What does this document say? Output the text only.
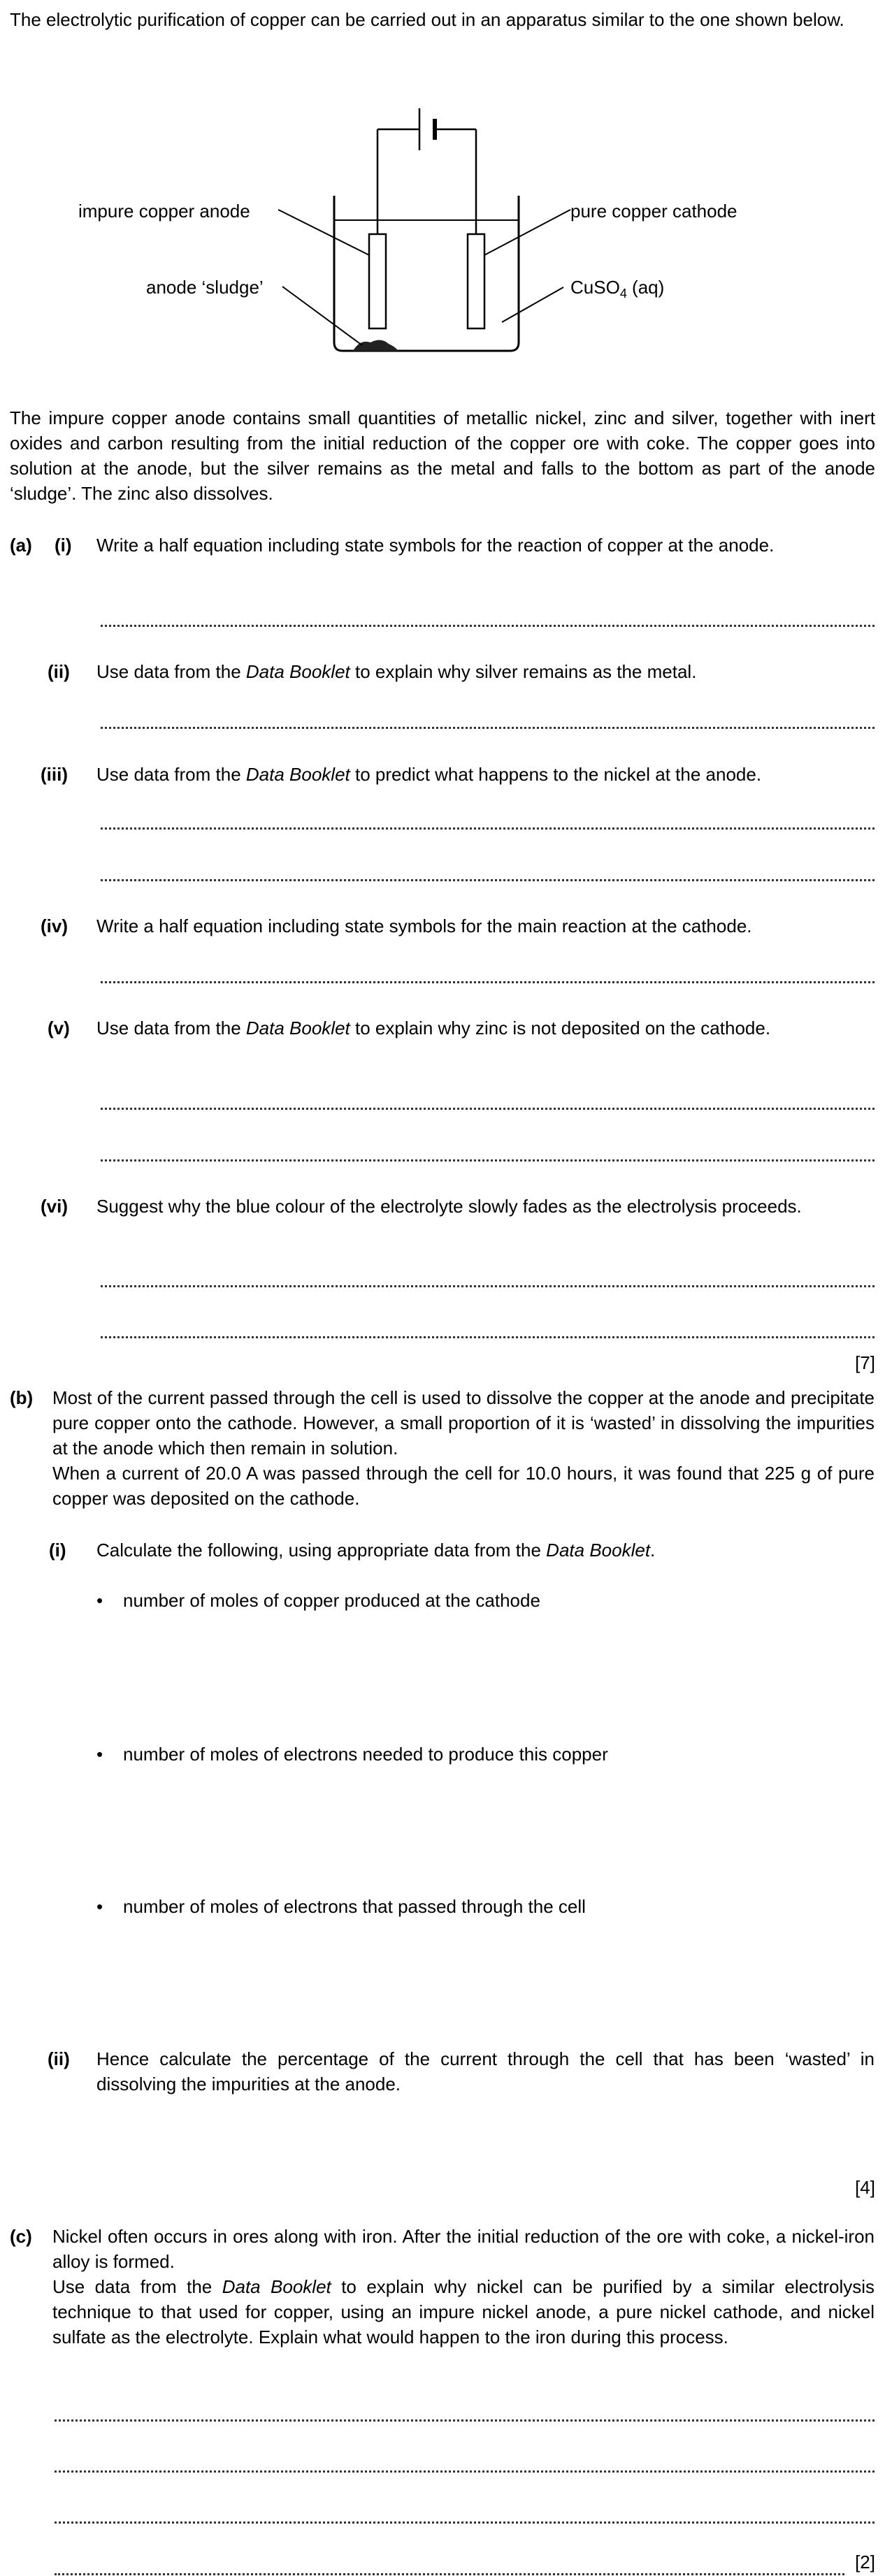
The electrolytic purification of copper can be carried out in an apparatus similar to the one shown below.
impure copper anode	pure copper cathode
anode ‘sludge’	CuSO$_4$ (aq)
The impure copper anode contains small quantities of metallic nickel, zinc and silver, together with inert oxides and carbon resulting from the initial reduction of the copper ore with coke. The copper goes into solution at the anode, but the silver remains as the metal and falls to the bottom as part of the anode ‘sludge’. The zinc also dissolves.
(a) (i) Write a half equation including state symbols for the reaction of copper at the anode.
(ii) Use data from the Data Booklet to explain why silver remains as the metal.
(iii) Use data from the Data Booklet to predict what happens to the nickel at the anode.
(iv) Write a half equation including state symbols for the main reaction at the cathode.
(v) Use data from the Data Booklet to explain why zinc is not deposited on the cathode.
(vi) Suggest why the blue colour of the electrolyte slowly fades as the electrolysis proceeds.
[7]
(b) Most of the current passed through the cell is used to dissolve the copper at the anode and precipitate pure copper onto the cathode. However, a small proportion of it is ‘wasted’ in dissolving the impurities at the anode which then remain in solution.
When a current of 20.0 A was passed through the cell for 10.0 hours, it was found that 225 g of pure copper was deposited on the cathode.
(i) Calculate the following, using appropriate data from the Data Booklet.
• number of moles of copper produced at the cathode
• number of moles of electrons needed to produce this copper
• number of moles of electrons that passed through the cell
(ii) Hence calculate the percentage of the current through the cell that has been ‘wasted’ in dissolving the impurities at the anode.
[4]
(c) Nickel often occurs in ores along with iron. After the initial reduction of the ore with coke, a nickel-iron alloy is formed.
Use data from the Data Booklet to explain why nickel can be purified by a similar electrolysis technique to that used for copper, using an impure nickel anode, a pure nickel cathode, and nickel sulfate as the electrolyte. Explain what would happen to the iron during this process.
[2]
